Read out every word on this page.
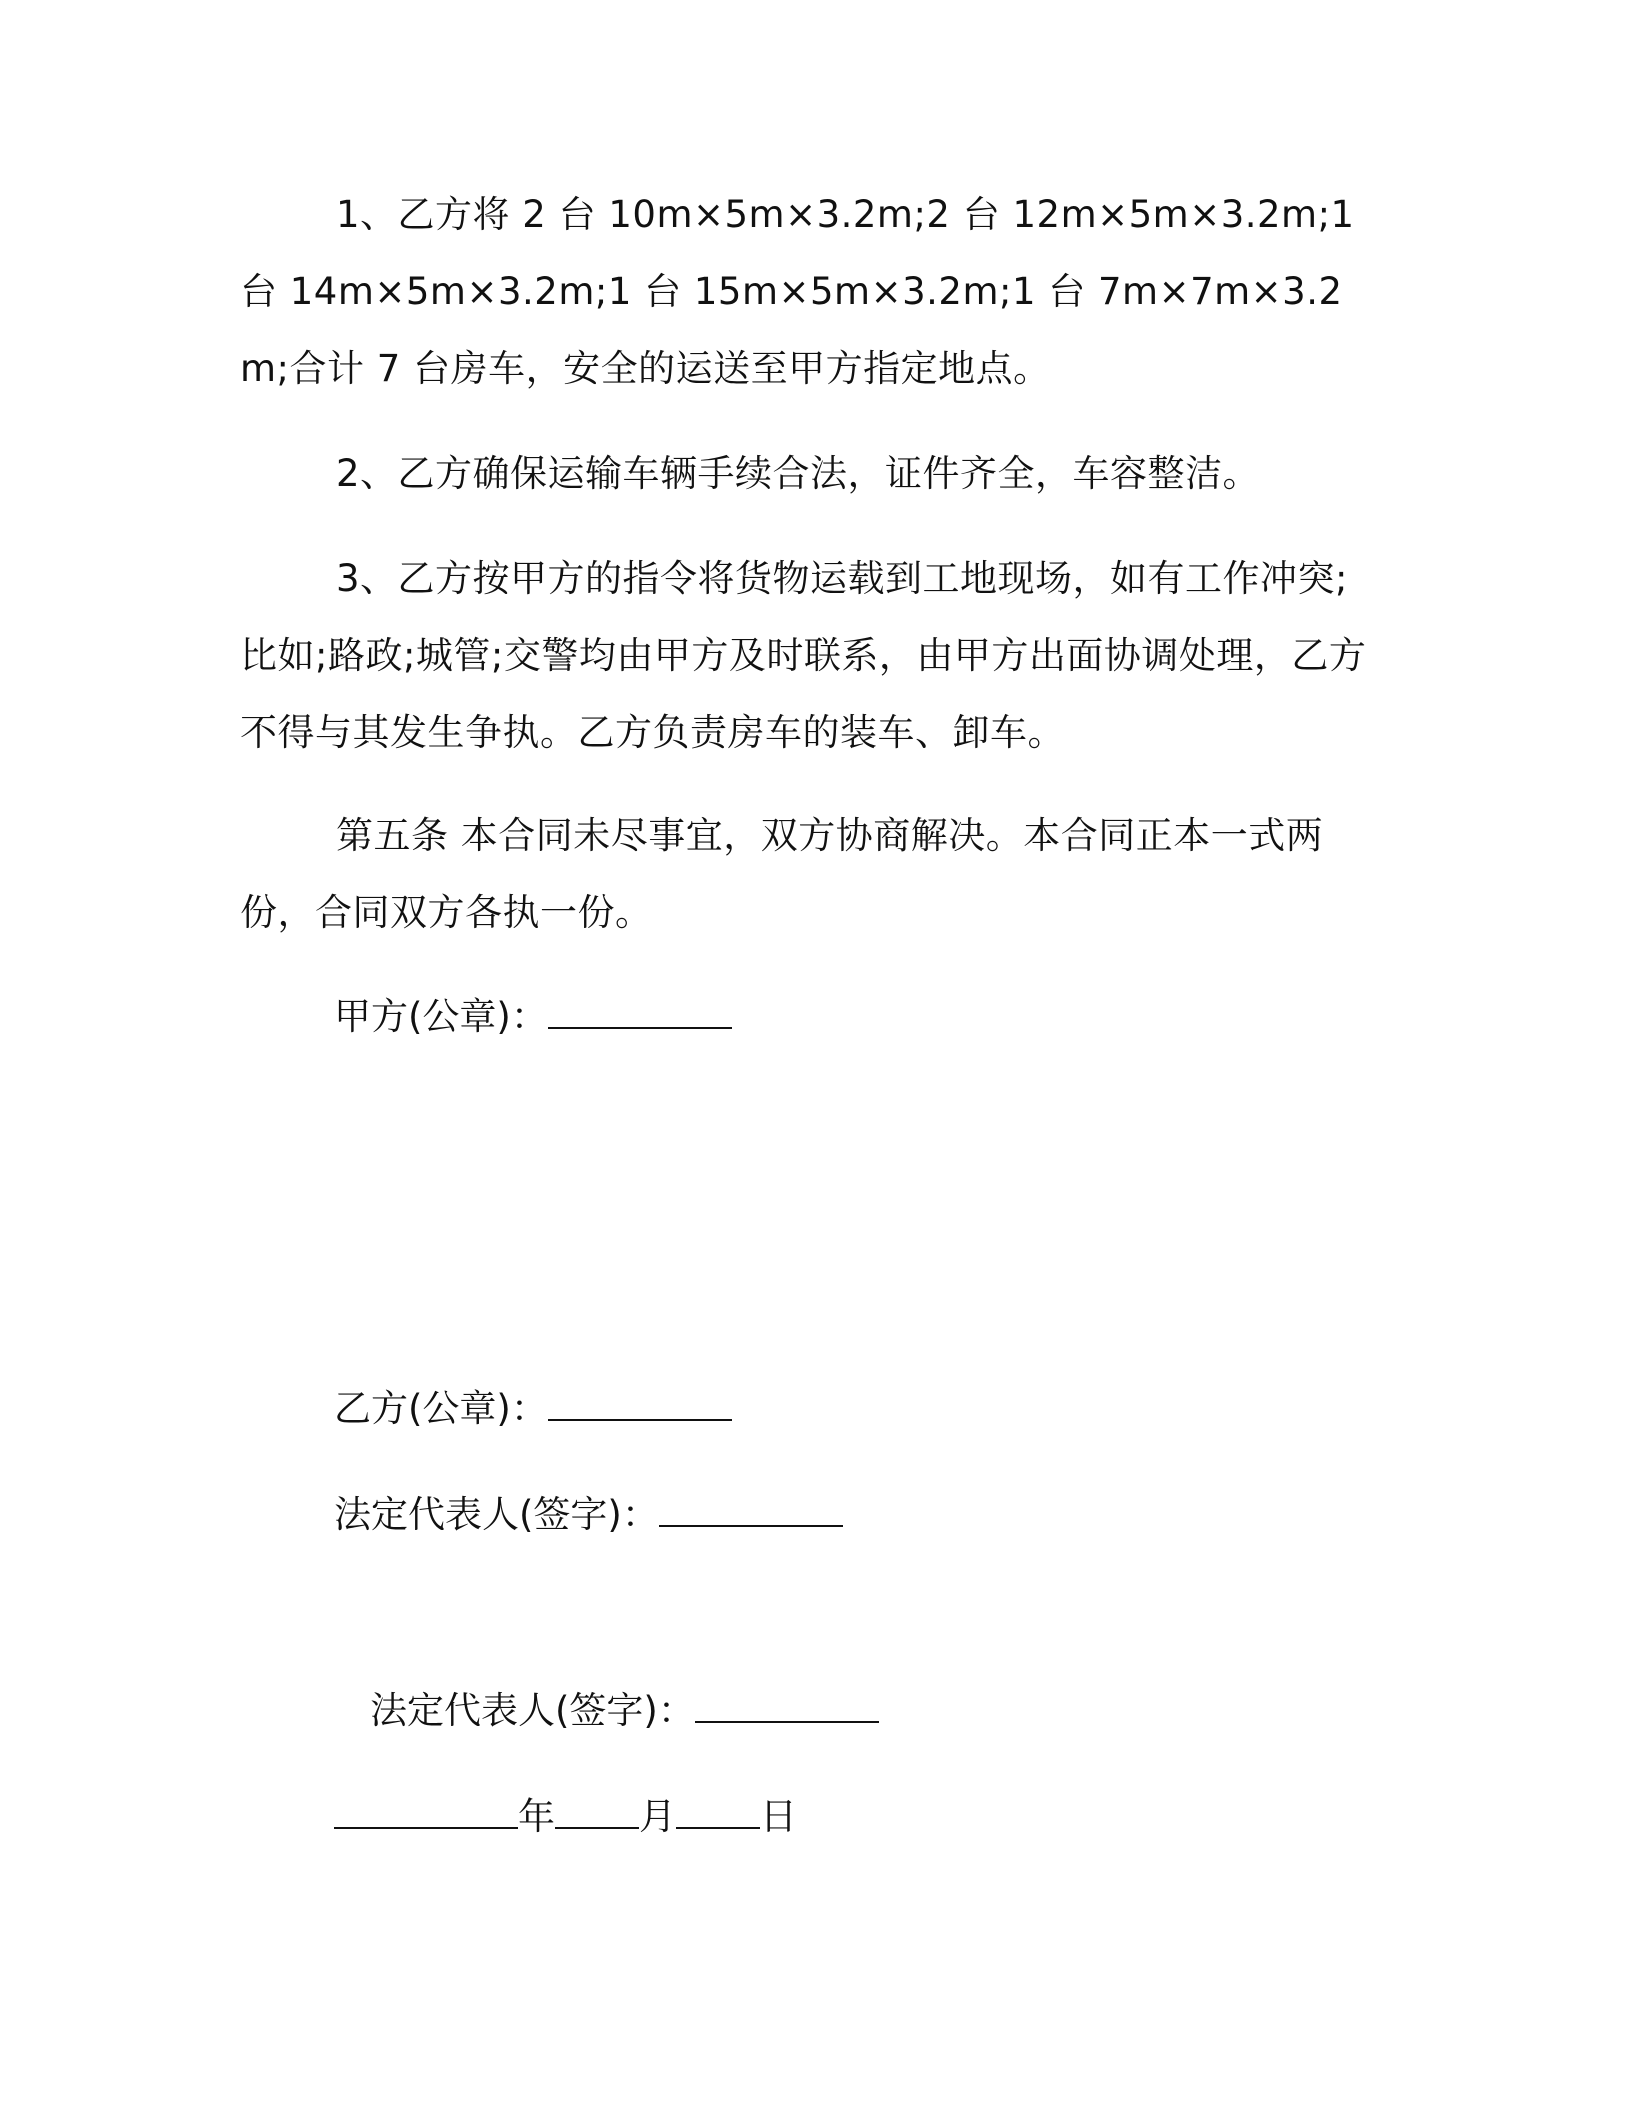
1、乙方将 2 台 10m×5m×3.2m;2 台 12m×5m×3.2m;1 台 14m×5m×3.2m;1 台 15m×5m×3.2m;1 台 7m×7m×3.2m;合计 7 台房车，安全的运送至甲方指定地点。

2、乙方确保运输车辆手续合法，证件齐全，车容整洁。

3、乙方按甲方的指令将货物运载到工地现场，如有工作冲突;比如;路政;城管;交警均由甲方及时联系，由甲方出面协调处理，乙方不得与其发生争执。乙方负责房车的装车、卸车。

第五条 本合同未尽事宜，双方协商解决。本合同正本一式两份，合同双方各执一份。

甲方(公章)：
乙方(公章)：
法定代表人(签字)：
法定代表人(签字)：
年 月 日
